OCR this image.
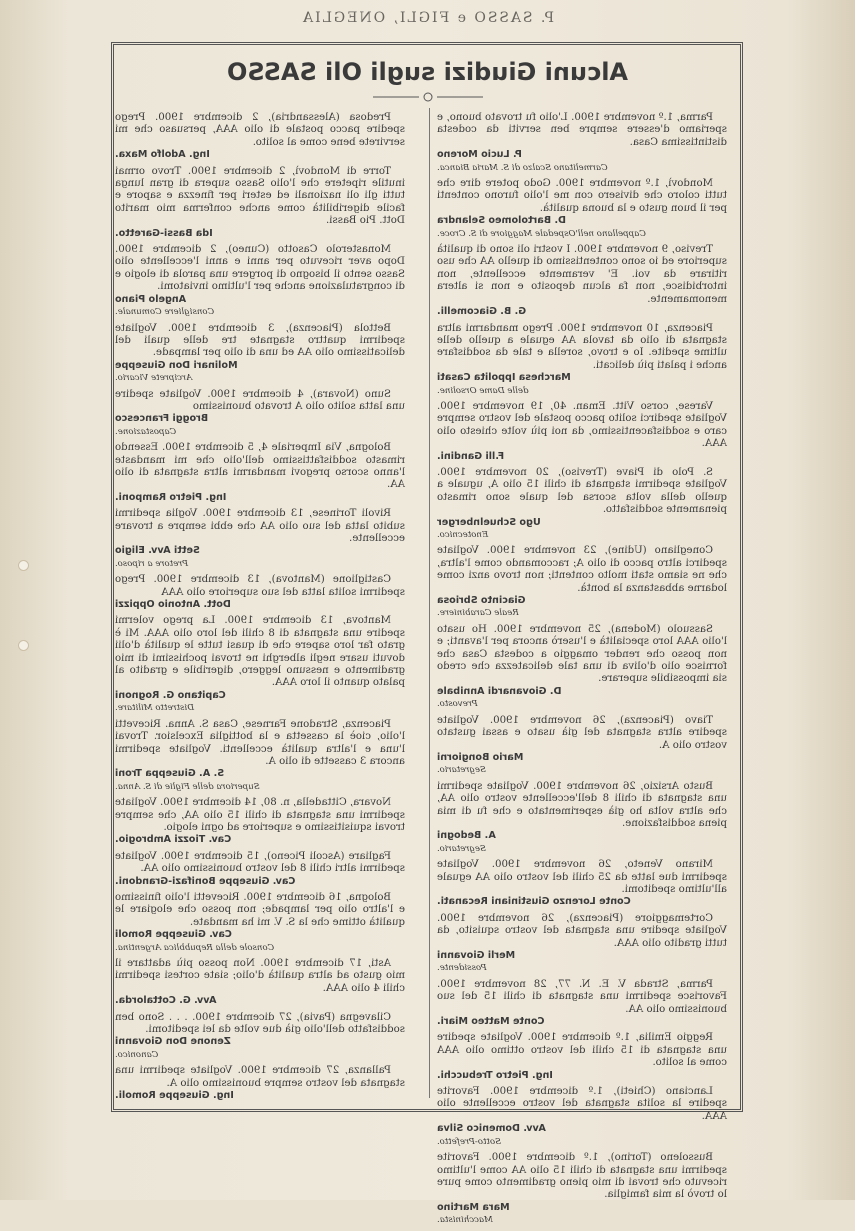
P. SASSO e FIGLI, ONEGLIA
Alcuni Giudizi sugli Oli SASSO

Parma, 1.º novembre 1900. L'olio fu trovato buono, e speriamo d'essere sempre ben serviti da codesta distintissima Casa.

P. Lucio Moreno
Carmelitano Scalzo di S. Maria Bianca.

Mondovì, 1.º novembre 1900. Godo potere dire che tutti coloro che divisero con me l'olio furono contenti per il buon gusto e la buona qualità.

D. Bartolomeo Selandra
Cappellano nell'Ospedale Maggiore di S. Croce.

Treviso, 9 novembre 1900. I vostri oli sono di qualità superiore ed io sono contentissimo di quello AA che uso ritirare da voi. E' veramente eccellente, non intorbidisce, non fa alcun deposito e non si altera menomamente.

G. B. Giacomelli.

Piacenza, 10 novembre 1900. Prego mandarmi altra stagnata di olio da tavola AA eguale a quello delle ultime spedite. Io e trovo, sorella e tale da soddisfare anche i palati più delicati.

Marchesa Ippolita Casati
delle Dame Orsoline.

Varese, corso Vitt. Eman. 40, 19 novembre 1900. Vogliate spedirci solito pacco postale del vostro sempre caro e soddisfacentissimo, da noi più volte chiesto olio AAA.

F.lli Gandini.

S. Polo di Piave (Treviso), 20 novembre 1900. Vogliate spedirmi stagnata di chili 15 olio A, uguale a quello della volta scorsa del quale sono rimasto pienamente soddisfatto.

Ugo Schuelnberger
Enotecnico.

Conegliano (Udine), 23 novembre 1900. Vogliate spedirci altro pacco di olio A; raccomando come l'altra, che ne siamo stati molto contenti; non trovo anzi come lodarne abbastanza la bontà.

Giacinto Sbriosa
Reale Carabiniere.

Sassuolo (Modena), 25 novembre 1900. Ho usato l'olio AAA loro specialità e l'userò ancora per l'avanti; e non posso che render omaggio a codesta Casa che fornisce olio d'oliva di una tale delicatezza che credo sia impossibile superare.

D. Giovanardi Annibale
Prevosto.

Tiavo (Piacenza), 26 novembre 1900. Vogliate spedire altra stagnata del già usato e assai gustato vostro olio A.

Mario Bongiorni
Segretario.

Busto Arsizio, 26 novembre 1900. Vogliate spedirmi una stagnata di chili 8 dell'eccellente vostro olio AA, che altra volta ho già esperimentato e che fu di mia piena soddisfazione.

A. Bedogni
Segretario.

Mirano Veneto, 26 novembre 1900. Vogliate spedirmi due latte da 25 chili del vostro olio AA eguale all'ultimo speditomi.

Conte Lorenzo Giustiniani Recanati.

Cortemaggiore (Piacenza), 26 novembre 1900. Vogliate spedire una stagnata del vostro squisito, da tutti gradito olio AAA.

Merli Giovanni
Possidente.

Parma, Strada V. E. N. 77, 28 novembre 1900. Favorisce spedirmi una stagnata di chili 15 del suo buonissimo olio AA.

Conte Matteo Miari.

Reggio Emilia, 1.º dicembre 1900. Vogliate spedire una stagnata di 15 chili del vostro ottimo olio AAA come al solito.

Ing. Pietro Trebucchi.

Lanciano (Chieti), 1.º dicembre 1900. Favorite spedire la solita stagnata del vostro eccellente olio AAA.

Avv. Domenico Silva
Sotto-Prefetto.

Bussoleno (Torino), 1.º dicembre 1900. Favorite spedirmi una stagnata di chili 15 olio AA come l'ultimo ricevuto che trovai di mio pieno gradimento come pure lo trovò la mia famiglia.

Mara Martino
Macchinista.

Predosa (Alessandria), 2 dicembre 1900. Prego spedire pacco postale di olio AAA, persuaso che mi servirete bene come al solito.

Ing. Adolfo Maxa.

Torre di Mondovì, 2 dicembre 1900. Trovo ormai inutile ripetere che l'olio Sasso supera di gran lunga tutti gli oli nazionali ed esteri per finezza e sapore e facile digeribilità come anche conferma mio marito Dott. Pio Bassi.

Ida Bassi-Garetto.

Monasterolo Casotto (Cuneo), 2 dicembre 1900. Dopo aver ricevuto per anni e anni l'eccellente olio Sasso sento il bisogno di porgere una parola di elogio e di congratulazione anche per l'ultimo inviatomi.

Angelo Piano
Consigliere Comunale.

Bettola (Piacenza), 3 dicembre 1900. Vogliate spedirmi quattro stagnate tre delle quali del delicatissimo olio AA ed una di olio per lampade.

Molinari Don Giuseppe
Arciprete Vicario.

Suno (Novara), 4 dicembre 1900. Vogliate spedire una latta solito olio A trovato buonissimo

Broggi Francesco
Capostazione.

Bologna, Via Imperiale 4, 5 dicembre 1900. Essendo rimasto soddisfattissimo dell'olio che mi mandaste l'anno scorso pregovi mandarmi altra stagnata di olio AA.

Ing. Pietro Ramponi.

Rivoli Torinese, 13 dicembre 1900. Voglia spedirmi subito latta del suo olio AA che ebbi sempre a trovare eccellente.

Setti Avv. Eligio
Pretore a riposo.

Castiglione (Mantova), 13 dicembre 1900. Prego spedirmi solita latta del suo superiore olio AAA

Dott. Antonio Oppizzi

Mantova, 13 dicembre 1900. La prego volermi spedire una stagnata di 8 chili del loro olio AAA. Mi è grato far loro sapere che di quasi tutte le qualità d'olii dovuti usare negli alberghi ne trovai pochissimi di mio gradimento e nessuno leggero, digeribile e gradito al palato quanto il loro AAA.

Capitano G. Rognoni
Distretto Militare.

Piacenza, Stradone Farnese, Casa S. Anna. Ricevetti l'olio, cioè la cassetta e la bottiglia Excelsior. Trovai l'una e l'altra qualità eccellenti. Vogliate spedirmi ancora 3 cassette di olio A.

S. A. Giuseppa Troni
Superiora delle Figlie di S. Anna.

Novara, Cittadella, n. 80, 14 dicembre 1900. Vogliate spedirmi una stagnata di chili 15 olio AA, che sempre trovai squisitissimo e superiore ad ogni elogio.

Cav. Tiozzi Ambrogio.

Fagliare (Ascoli Piceno), 15 dicembre 1900. Vogliate spedirmi altri chili 8 del vostro buonissimo olio AA.

Cav. Giuseppe Bonifazi-Grandoni.

Bologna, 16 dicembre 1900. Ricevetti l'olio finissimo e l'altro olio per lampade; non posso che elogiare le qualità ottime che la S. V. mi ha mandate.

Cav. Giuseppe Romoli
Console della Repubblica Argentina.

Asti, 17 dicembre 1900. Non posso più adattare il mio gusto ad altra qualità d'olio; siate cortesi spedirmi chili 4 olio AAA.

Avv. G. Cottalorda.

Cilavegna (Pavia), 27 dicembre 1900. . . . Sono ben soddisfatto dell'olio già due volte da lei speditomi.

Zenone Don Giovanni
Canonico.

Pallanza, 27 dicembre 1900. Vogliate spedirmi una stagnata del vostro sempre buonissimo olio A.

Ing. Giuseppe Romoli.
